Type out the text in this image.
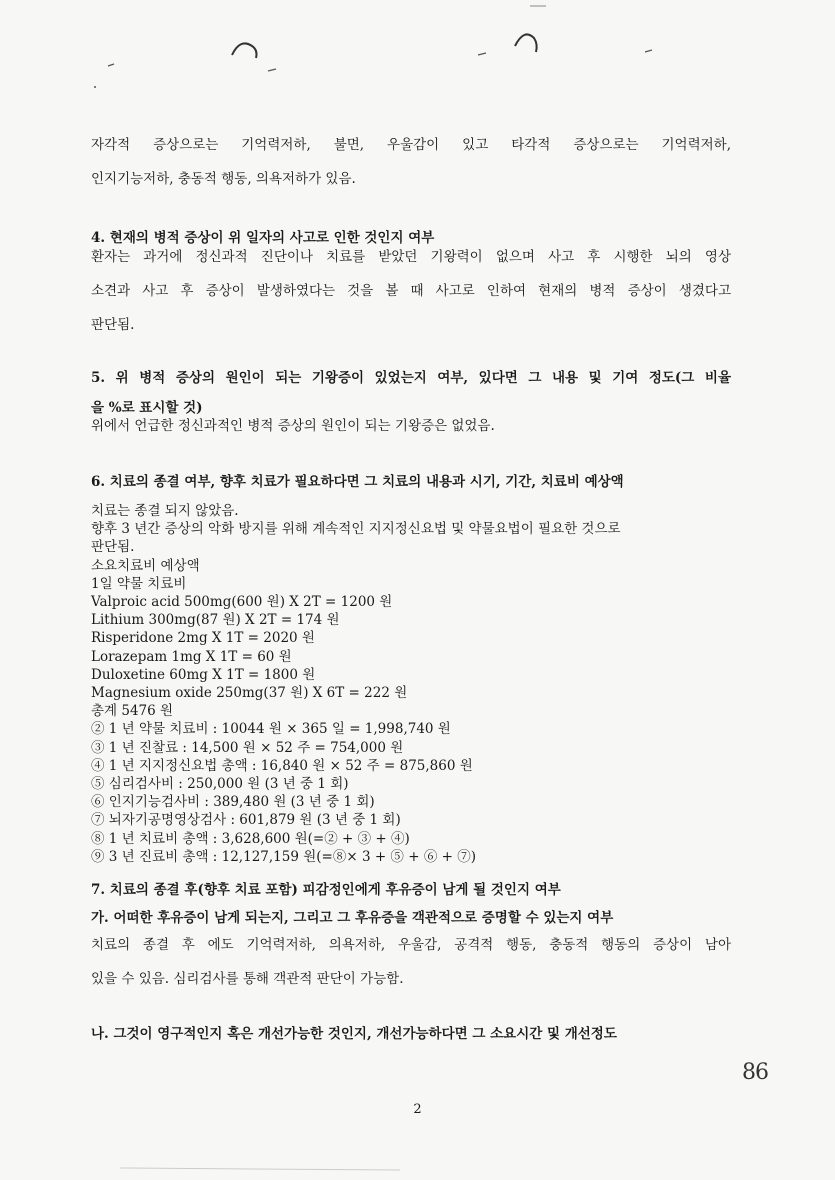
자각적 증상으로는 기억력저하, 불면, 우울감이 있고 타각적 증상으로는 기억력저하,
인지기능저하, 충동적 행동, 의욕저하가 있음.
4. 현재의 병적 증상이 위 일자의 사고로 인한 것인지 여부
환자는 과거에 정신과적 진단이나 치료를 받았던 기왕력이 없으며 사고 후 시행한 뇌의 영상
소견과 사고 후 증상이 발생하였다는 것을 볼 때 사고로 인하여 현재의 병적 증상이 생겼다고
판단됨.
5. 위 병적 증상의 원인이 되는 기왕증이 있었는지 여부, 있다면 그 내용 및 기여 정도(그 비율
을 %로 표시할 것)
위에서 언급한 정신과적인 병적 증상의 원인이 되는 기왕증은 없었음.
6. 치료의 종결 여부, 향후 치료가 필요하다면 그 치료의 내용과 시기, 기간, 치료비 예상액
치료는 종결 되지 않았음.
향후 3 년간 증상의 악화 방지를 위해 계속적인 지지정신요법 및 약물요법이 필요한 것으로
판단됨.
소요치료비 예상액
1일 약물 치료비
Valproic acid 500mg(600 원) X 2T = 1200 원
Lithium 300mg(87 원) X 2T = 174 원
Risperidone 2mg X 1T = 2020 원
Lorazepam 1mg X 1T = 60 원
Duloxetine 60mg X 1T = 1800 원
Magnesium oxide 250mg(37 원) X 6T = 222 원
총계 5476 원
② 1 년 약물 치료비 : 10044 원 × 365 일 = 1,998,740 원
③ 1 년 진찰료 : 14,500 원 × 52 주 = 754,000 원
④ 1 년 지지정신요법 총액 : 16,840 원 × 52 주 = 875,860 원
⑤ 심리검사비 : 250,000 원 (3 년 중 1 회)
⑥ 인지기능검사비 : 389,480 원 (3 년 중 1 회)
⑦ 뇌자기공명영상검사 : 601,879 원 (3 년 중 1 회)
⑧ 1 년 치료비 총액 : 3,628,600 원(=② + ③ + ④)
⑨ 3 년 진료비 총액 : 12,127,159 원(=⑧× 3 + ⑤ + ⑥ + ⑦)
7. 치료의 종결 후(향후 치료 포함) 피감정인에게 후유증이 남게 될 것인지 여부
가. 어떠한 후유증이 남게 되는지, 그리고 그 후유증을 객관적으로 증명할 수 있는지 여부
치료의 종결 후 에도 기억력저하, 의욕저하, 우울감, 공격적 행동, 충동적 행동의 증상이 남아
있을 수 있음. 심리검사를 통해 객관적 판단이 가능함.
나. 그것이 영구적인지 혹은 개선가능한 것인지, 개선가능하다면 그 소요시간 및 개선정도
86
2
